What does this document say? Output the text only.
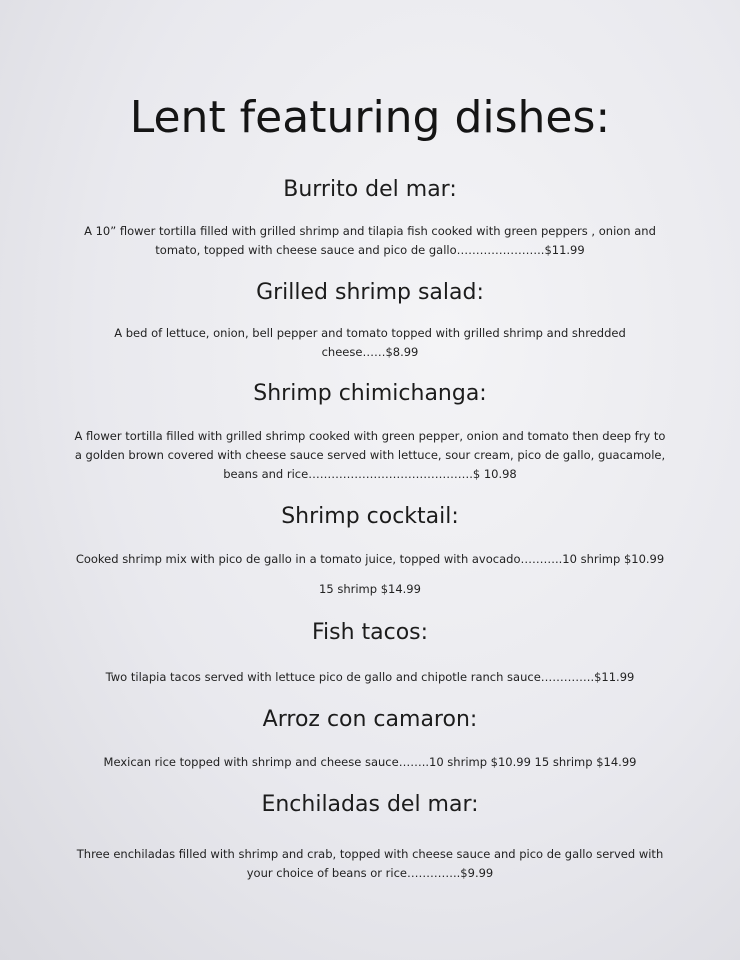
Lent featuring dishes:
Burrito del mar:
A 10” flower tortilla filled with grilled shrimp and tilapia fish cooked with green peppers , onion and
tomato, topped with cheese sauce and pico de gallo…………………..$11.99
Grilled shrimp salad:
A bed of lettuce, onion, bell pepper and tomato topped with grilled shrimp and shredded
cheese……$8.99
Shrimp chimichanga:
A flower tortilla filled with grilled shrimp cooked with green pepper, onion and tomato then deep fry to
a golden brown covered with cheese sauce served with lettuce, sour cream, pico de gallo, guacamole,
beans and rice…………………………………….$ 10.98
Shrimp cocktail:
Cooked shrimp mix with pico de gallo in a tomato juice, topped with avocado………..10 shrimp $10.99
15 shrimp $14.99
Fish tacos:
Two tilapia tacos served with lettuce pico de gallo and chipotle ranch sauce…………..$11.99
Arroz con camaron:
Mexican rice topped with shrimp and cheese sauce……..10 shrimp $10.99 15 shrimp $14.99
Enchiladas del mar:
Three enchiladas filled with shrimp and crab, topped with cheese sauce and pico de gallo served with
your choice of beans or rice…………..$9.99
